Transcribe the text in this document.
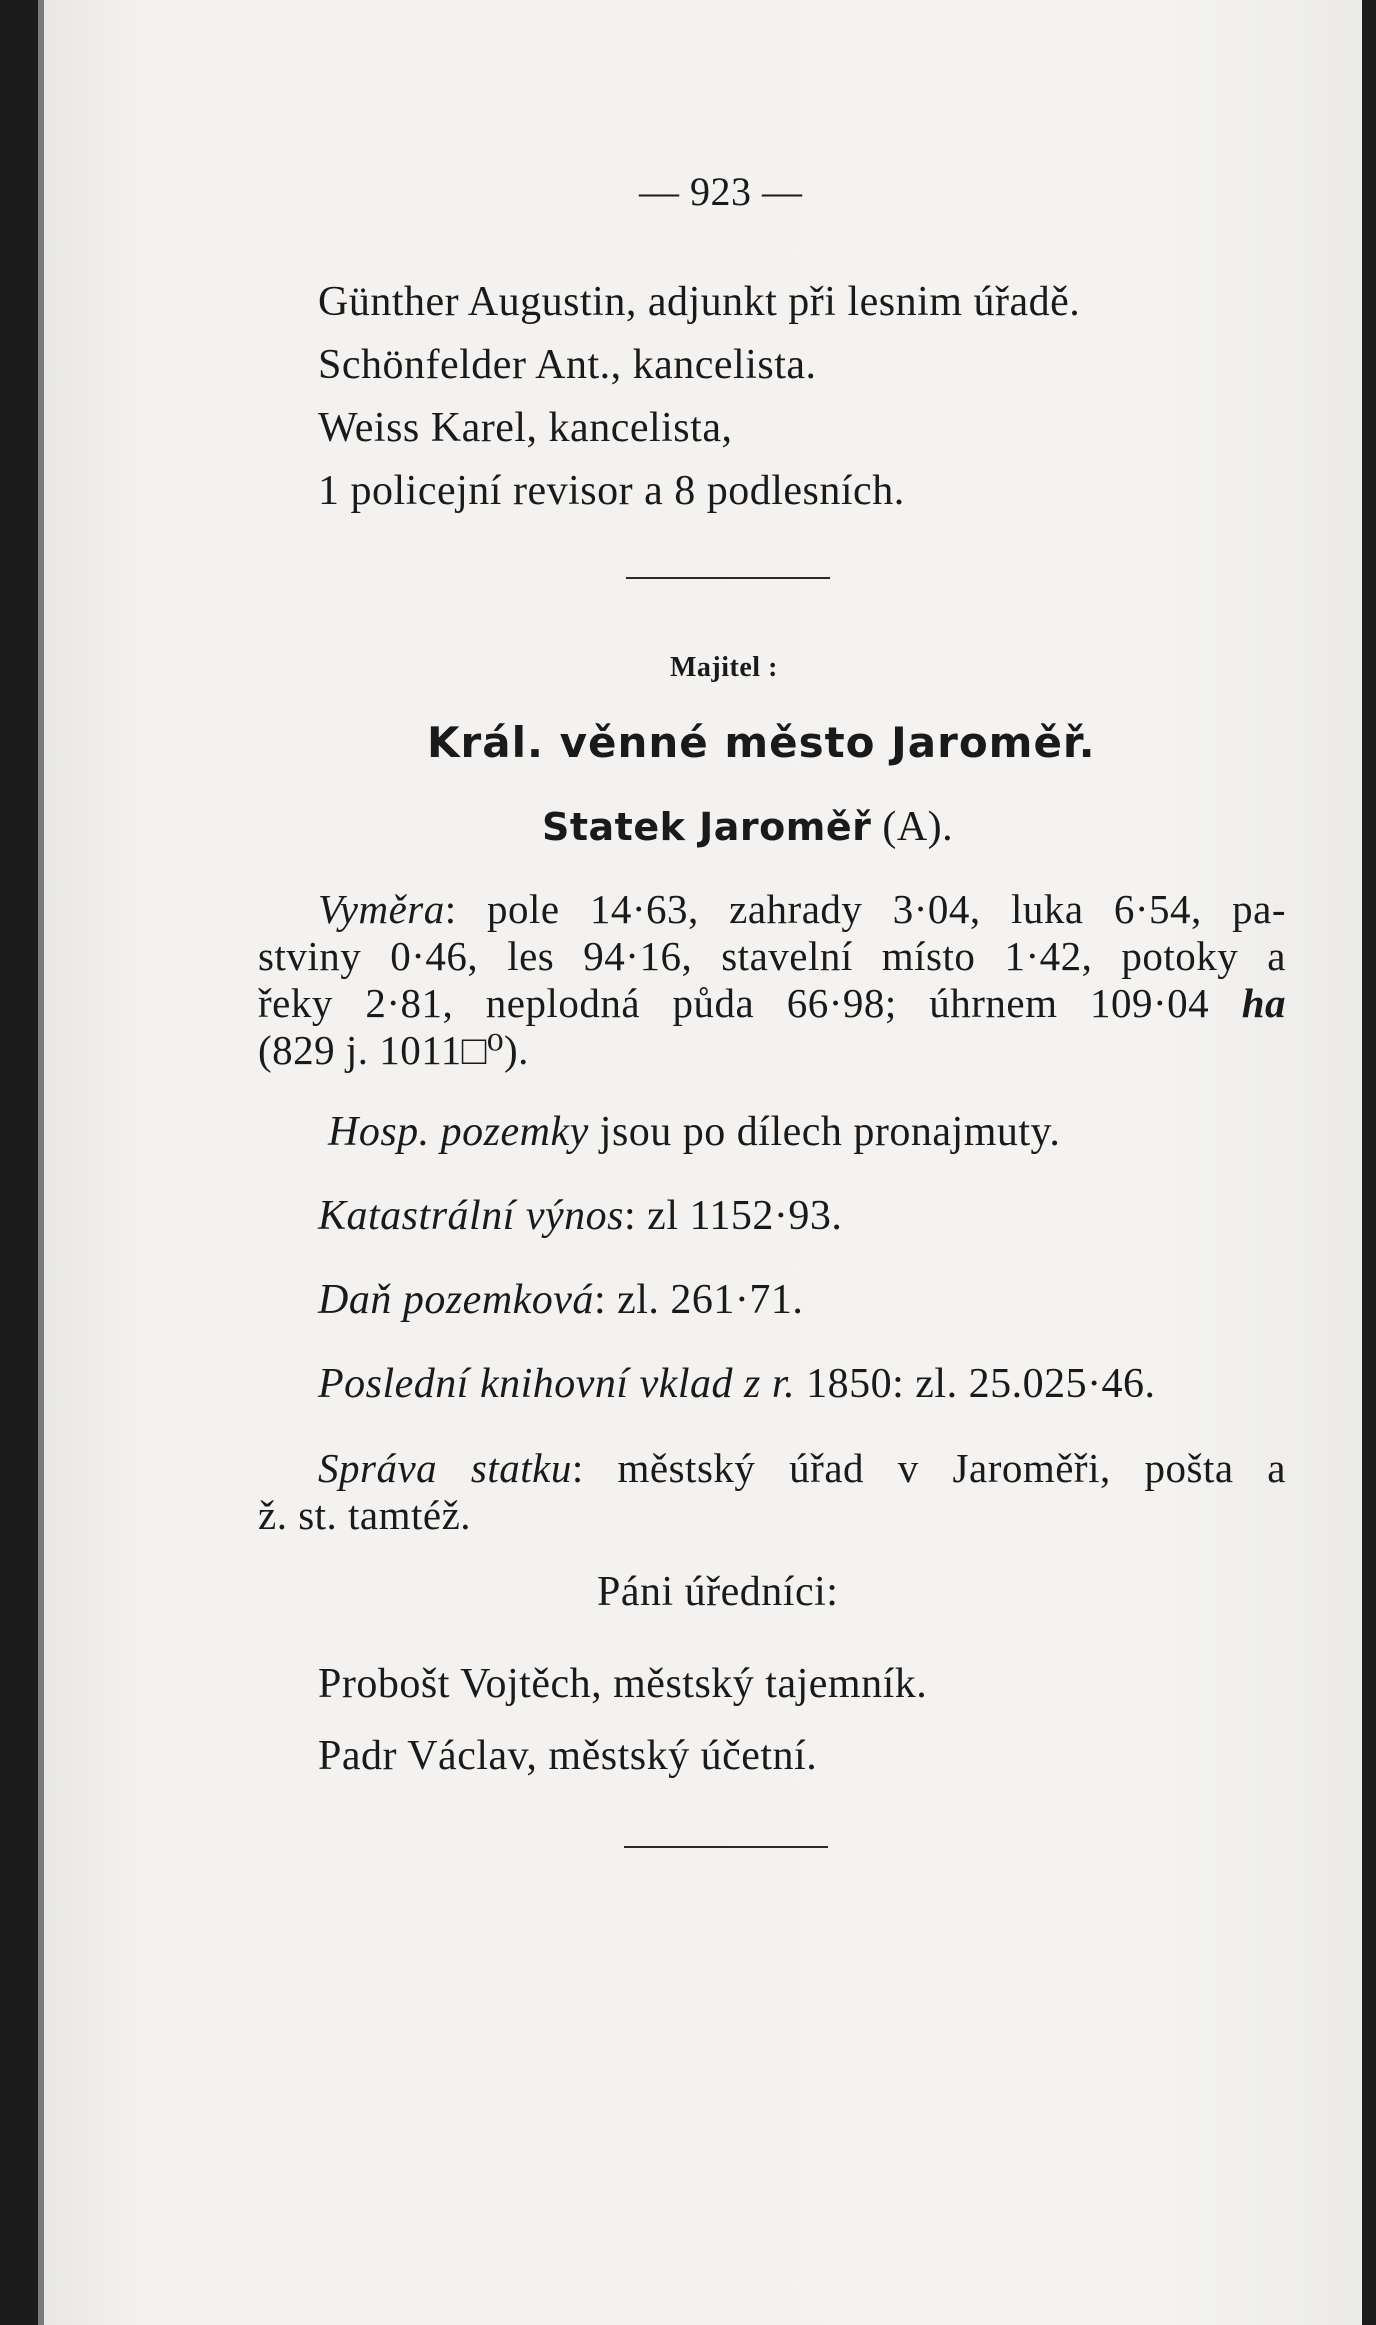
— 923 —
Günther Augustin, adjunkt při lesnim úřadě.
Schönfelder Ant., kancelista.
Weiss Karel, kancelista,
1 policejní revisor a 8 podlesních.
Majitel :
Král. věnné město Jaroměř.
Statek Jaroměř (A).
Vyměra: pole 14·63, zahrady 3·04, luka 6·54, pa-
stviny 0·46, les 94·16, stavelní místo 1·42, potoky a
řeky 2·81, neplodná půda 66·98; úhrnem 109·04 ha
(829 j. 1011□⁰).
Hosp. pozemky jsou po dílech pronajmuty.
Katastrální výnos: zl 1152·93.
Daň pozemková: zl. 261·71.
Poslední knihovní vklad z r. 1850: zl. 25.025·46.
Správa statku: městský úřad v Jaroměři, pošta a
ž. st. tamtéž.
Páni úředníci:
Probošt Vojtěch, městský tajemník.
Padr Václav, městský účetní.
